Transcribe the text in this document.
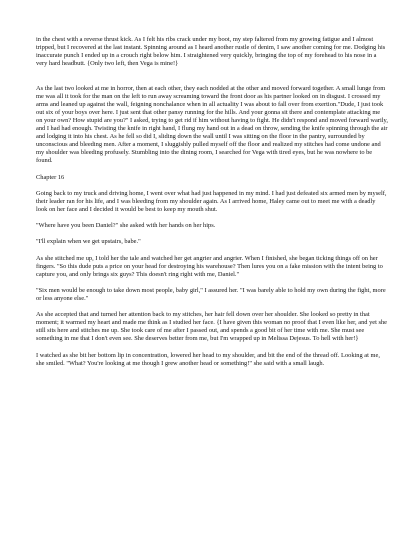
in the chest with a reverse thrust kick. As I felt his ribs crack under my boot, my step faltered from my growing fatigue and I almost tripped, but I recovered at the last instant. Spinning around as I heard another rustle of denim, I saw another coming for me. Dodging his inaccurate punch I ended up in a crouch right below him. I straightened very quickly, bringing the top of my forehead to his nose in a very hard headbutt. {Only two left, then Vega is mine!}

As the last two looked at me in horror, then at each other, they each nodded at the other and moved forward together. A small lunge from me was all it took for the man on the left to run away screaming toward the front door as his partner looked on in disgust. I crossed my arms and leaned up against the wall, feigning nonchalance when in all actuality I was about to fall over from exertion."Dude, I just took out six of your boys over here. I just sent that other pansy running for the hills. And your gonna sit there and contemplate attacking me on your own? How stupid are you?" I asked, trying to get rid if him without having to fight. He didn't respond and moved forward warily, and I had had enough. Twisting the knife in right hand, I flung my hand out in a dead on throw, sending the knife spinning through the air and lodging it into his chest. As he fell so did I, sliding down the wall until I was sitting on the floor in the pantry, surrounded by unconscious and bleeding men. After a moment, I sluggishly pulled myself off the floor and realized my stitches had come undone and my shoulder was bleeding profusely. Stumbling into the dining room, I searched for Vega with tired eyes, but he was nowhere to be found.

Chapter 16

Going back to my truck and driving home, I went over what had just happened in my mind. I had just defeated six armed men by myself, their leader ran for his life, and I was bleeding from my shoulder again. As I arrived home, Haley came out to meet me with a deadly look on her face and I decided it would be best to keep my mouth shut.

"Where have you been Daniel?" she asked with her hands on her hips.

"I'll explain when we get upstairs, babe."

As she stitched me up, I told her the tale and watched her get angrier and angrier. When I finished, she began ticking things off on her fingers. "So this dude puts a price on your head for destroying his warehouse? Then lures you on a fake mission with the intent being to capture you, and only brings six guys? This doesn't ring right with me, Daniel."

"Six men would be enough to take down most people, baby girl," I assured her. "I was barely able to hold my own during the fight, more or less anyone else."

As she accepted that and turned her attention back to my stitches, her hair fell down over her shoulder. She looked so pretty in that moment; it warmed my heart and made me think as I studied her face. {I have given this woman no proof that I even like her, and yet she still sits here and stitches me up. She took care of me after I passed out, and spends a good bit of her time with me. She must see something in me that I don't even see. She deserves better from me, but I'm wrapped up in Melissa Dejesus. To hell with her!}

I watched as she bit her bottom lip in concentration, lowered her head to my shoulder, and bit the end of the thread off. Looking at me, she smiled. "What? You're looking at me though I grew another head or something!" she said with a small laugh.
